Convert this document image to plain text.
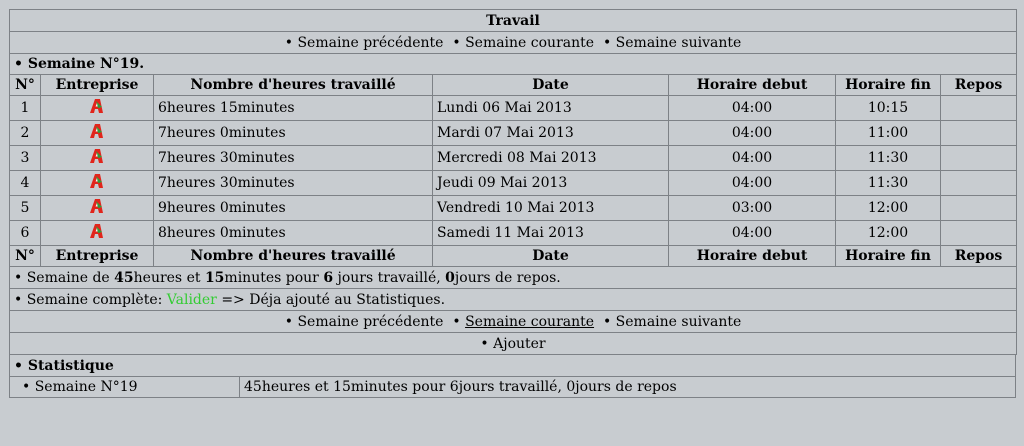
Travail						
• Semaine précédente • Semaine courante • Semaine suivante						
• Semaine N°19.						
N°	Entreprise	Nombre d'heures travaillé	Date	Horaire debut	Horaire fin	Repos
1		6heures 15minutes	Lundi 06 Mai 2013	04:00	10:15	
2		7heures 0minutes	Mardi 07 Mai 2013	04:00	11:00	
3		7heures 30minutes	Mercredi 08 Mai 2013	04:00	11:30	
4		7heures 30minutes	Jeudi 09 Mai 2013	04:00	11:30	
5		9heures 0minutes	Vendredi 10 Mai 2013	03:00	12:00	
6		8heures 0minutes	Samedi 11 Mai 2013	04:00	12:00	
N°	Entreprise	Nombre d'heures travaillé	Date	Horaire debut	Horaire fin	Repos
• Semaine de 45heures et 15minutes pour 6 jours travaillé, 0jours de repos.						
• Semaine complète: Valider => Déja ajouté au Statistiques.						
• Semaine précédente • Semaine courante • Semaine suivante						
• Ajouter						
• Statistique
• Semaine N°19	45heures et 15minutes pour 6jours travaillé, 0jours de repos
